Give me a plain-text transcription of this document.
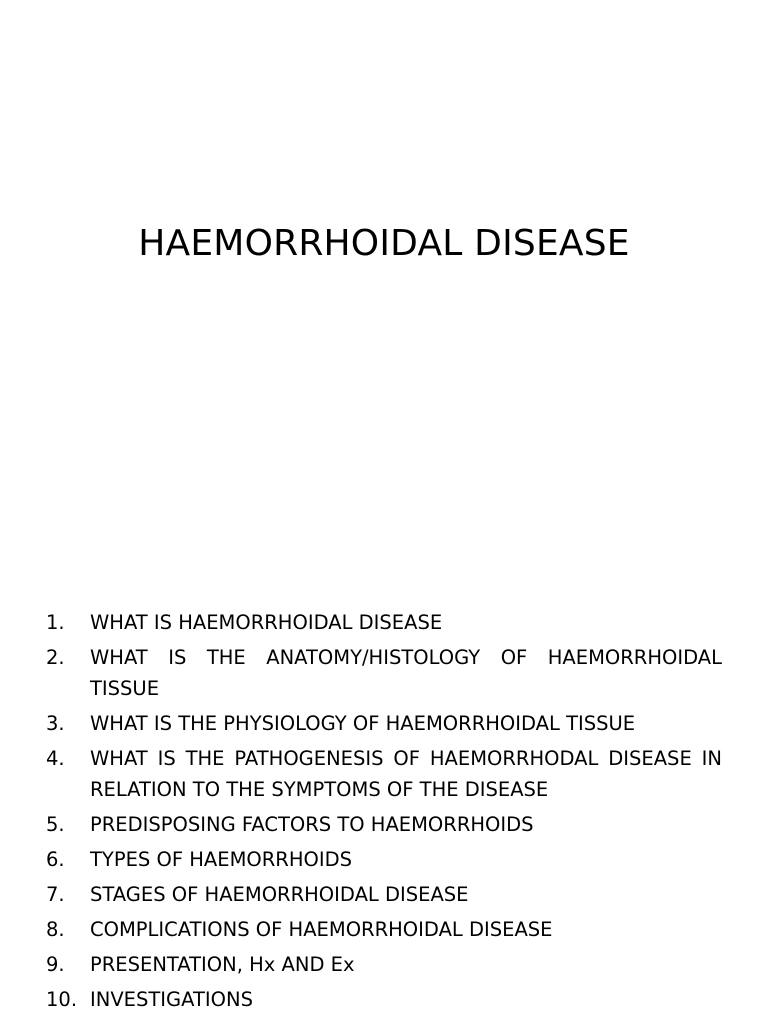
HAEMORRHOIDAL DISEASE
1.	WHAT IS HAEMORRHOIDAL DISEASE
2.	WHAT IS THE ANATOMY/HISTOLOGY OF HAEMORRHOIDAL TISSUE
3.	WHAT IS THE PHYSIOLOGY OF HAEMORRHOIDAL TISSUE
4.	WHAT IS THE PATHOGENESIS OF HAEMORRHODAL DISEASE IN RELATION TO THE SYMPTOMS OF THE DISEASE
5.	PREDISPOSING FACTORS TO HAEMORRHOIDS
6.	TYPES OF HAEMORRHOIDS
7.	STAGES OF HAEMORRHOIDAL DISEASE
8.	COMPLICATIONS OF HAEMORRHOIDAL DISEASE
9.	PRESENTATION, Hx AND Ex
10. INVESTIGATIONS
